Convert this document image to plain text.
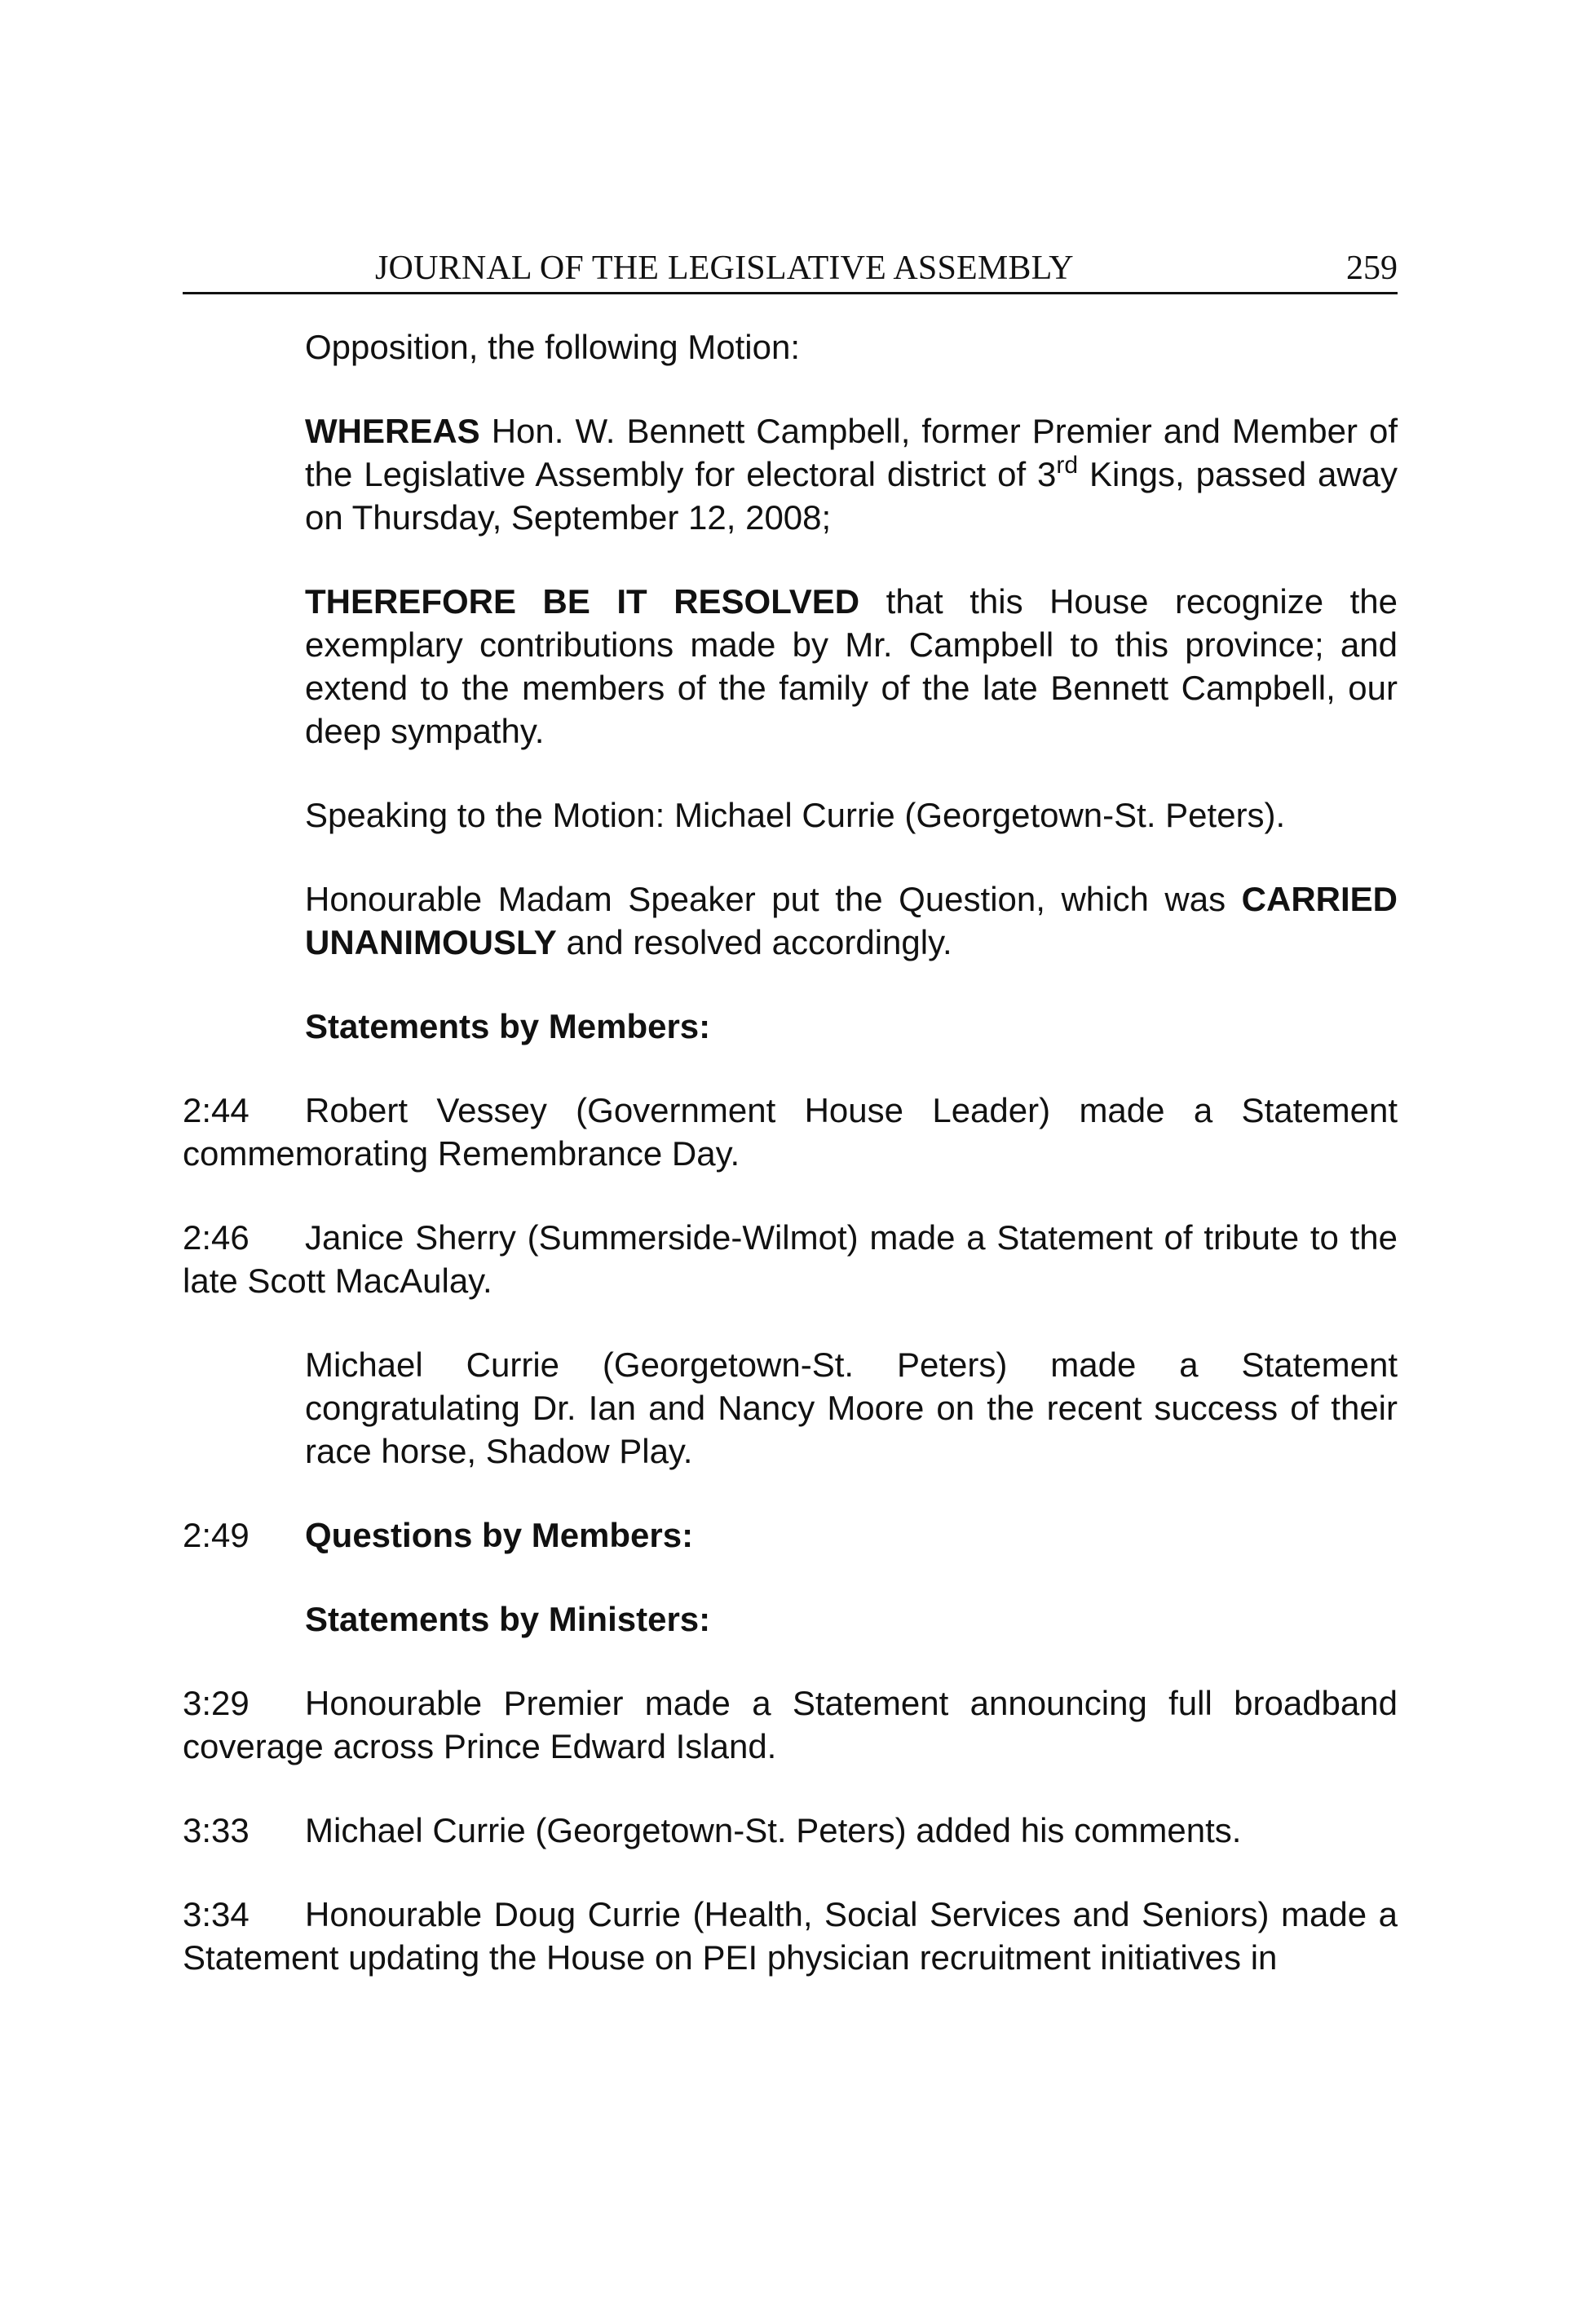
JOURNAL OF THE LEGISLATIVE ASSEMBLY	259

Opposition, the following Motion:

WHEREAS Hon. W. Bennett Campbell, former Premier and Member of the Legislative Assembly for electoral district of 3rd Kings, passed away on Thursday, September 12, 2008;

THEREFORE BE IT RESOLVED that this House recognize the exemplary contributions made by Mr. Campbell to this province; and extend to the members of the family of the late Bennett Campbell, our deep sympathy.

Speaking to the Motion: Michael Currie (Georgetown-St. Peters).

Honourable Madam Speaker put the Question, which was CARRIED UNANIMOUSLY and resolved accordingly.

Statements by Members:

2:44 Robert Vessey (Government House Leader) made a Statement commemorating Remembrance Day.

2:46 Janice Sherry (Summerside-Wilmot) made a Statement of tribute to the late Scott MacAulay.

Michael Currie (Georgetown-St. Peters) made a Statement congratulating Dr. Ian and Nancy Moore on the recent success of their race horse, Shadow Play.

2:49 Questions by Members:

Statements by Ministers:

3:29 Honourable Premier made a Statement announcing full broadband coverage across Prince Edward Island.

3:33 Michael Currie (Georgetown-St. Peters) added his comments.

3:34 Honourable Doug Currie (Health, Social Services and Seniors) made a Statement updating the House on PEI physician recruitment initiatives in
